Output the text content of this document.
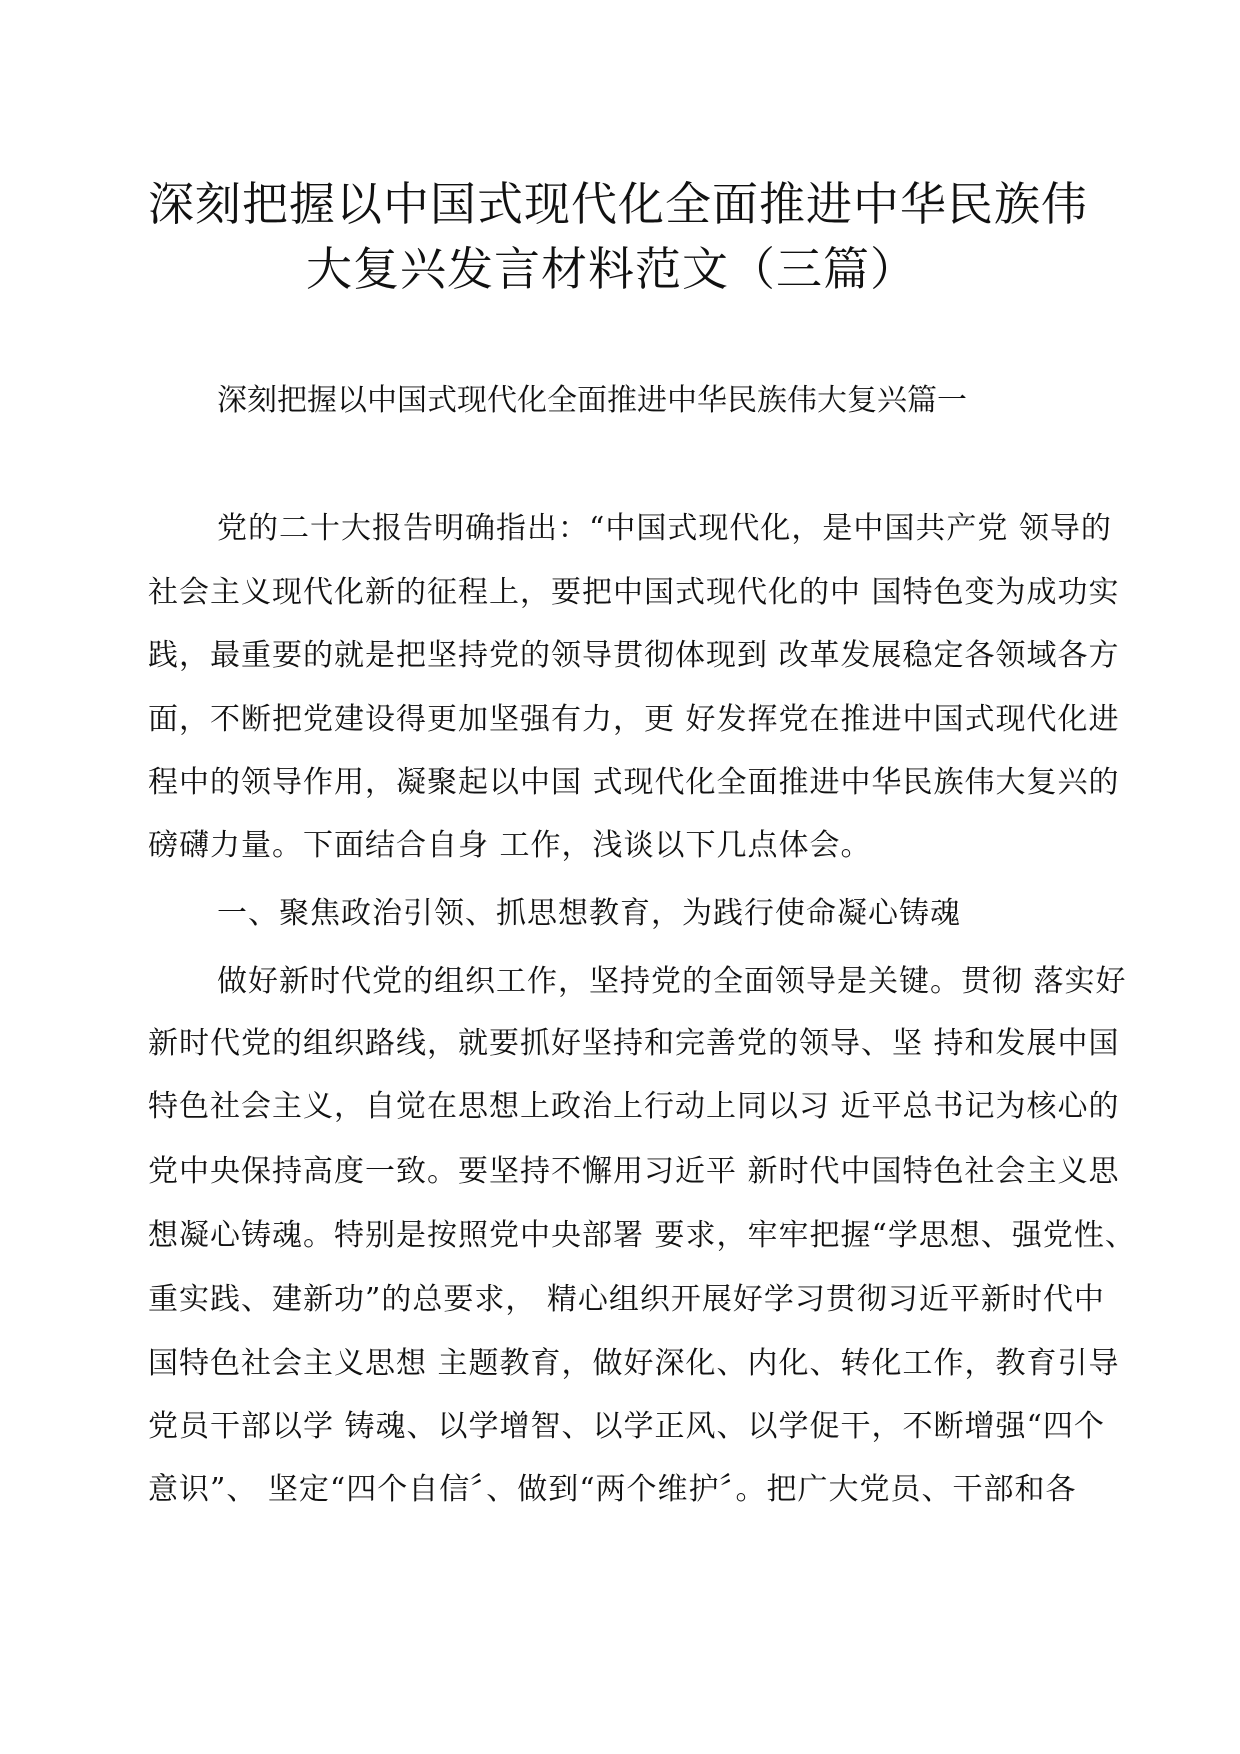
深刻把握以中国式现代化全面推进中华民族伟
大复兴发言材料范文（三篇）
深刻把握以中国式现代化全面推进中华民族伟大复兴篇一
党的二十大报告明确指出：“中国式现代化，是中国共产党 领导的
社会主义现代化新的征程上，要把中国式现代化的中 国特色变为成功实
践，最重要的就是把坚持党的领导贯彻体现到 改革发展稳定各领域各方
面，不断把党建设得更加坚强有力，更 好发挥党在推进中国式现代化进
程中的领导作用，凝聚起以中国 式现代化全面推进中华民族伟大复兴的
磅礴力量。下面结合自身 工作，浅谈以下几点体会。
一、聚焦政治引领、抓思想教育，为践行使命凝心铸魂
做好新时代党的组织工作，坚持党的全面领导是关键。贯彻 落实好
新时代党的组织路线，就要抓好坚持和完善党的领导、坚 持和发展中国
特色社会主义，自觉在思想上政治上行动上同以习 近平总书记为核心的
党中央保持高度一致。要坚持不懈用习近平 新时代中国特色社会主义思
想凝心铸魂。特别是按照党中央部署 要求，牢牢把握“学思想、强党性、
重实践、建新功”的总要求， 精心组织开展好学习贯彻习近平新时代中
国特色社会主义思想 主题教育，做好深化、内化、转化工作，教育引导
党员干部以学 铸魂、以学增智、以学正风、以学促干，不断增强“四个
意识”、 坚定“四个自信〞、做到“两个维护〞。把广大党员、干部和各
